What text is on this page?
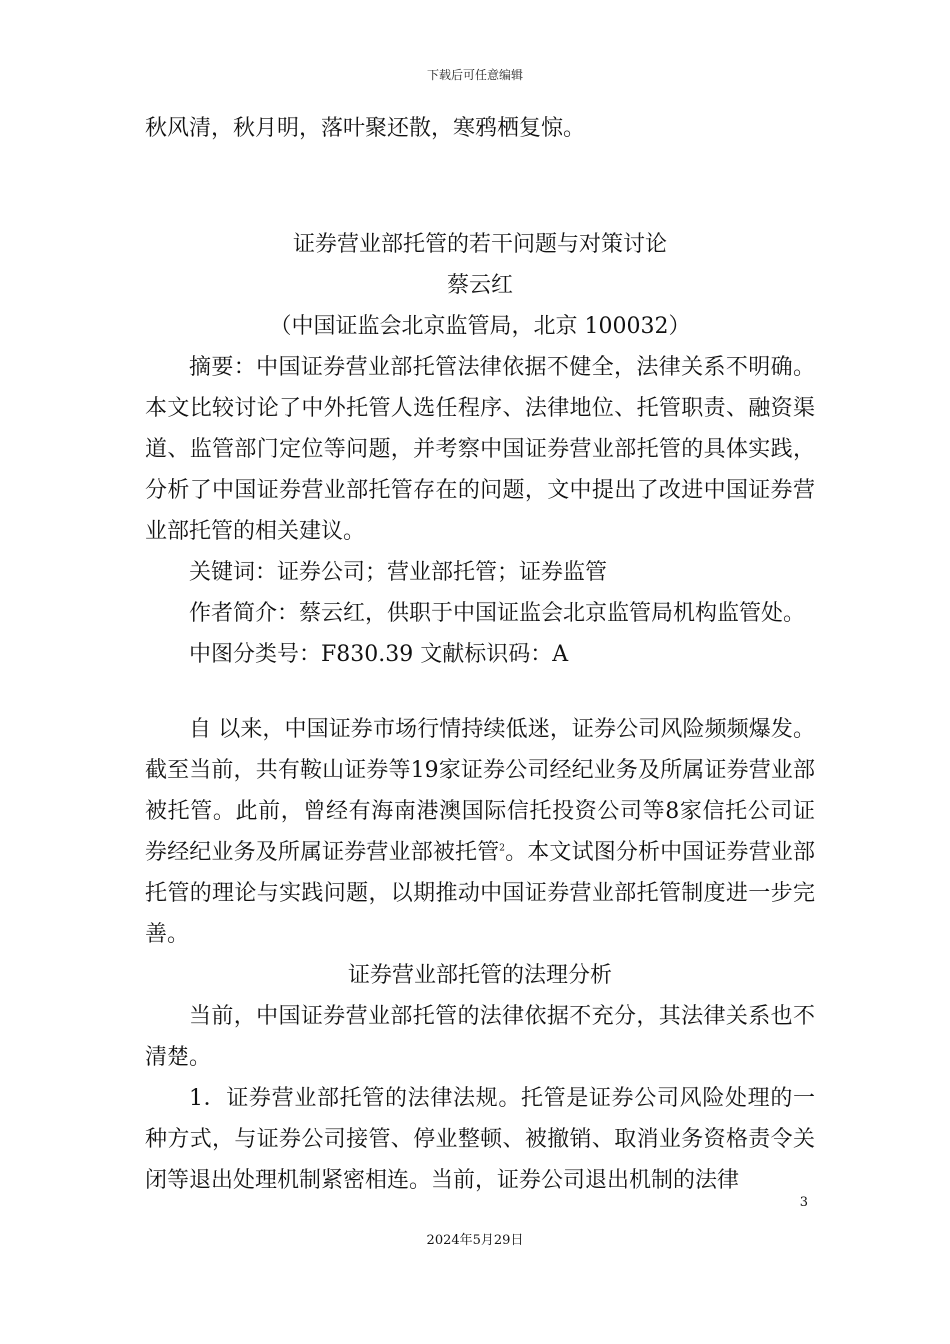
下载后可任意编辑

秋风清，秋月明，落叶聚还散，寒鸦栖复惊。

证券营业部托管的若干问题与对策讨论

蔡云红

（中国证监会北京监管局，北京 100032）

摘要：中国证券营业部托管法律依据不健全，法律关系不明确。本文比较讨论了中外托管人选任程序、法律地位、托管职责、融资渠道、监管部门定位等问题，并考察中国证券营业部托管的具体实践，分析了中国证券营业部托管存在的问题，文中提出了改进中国证券营业部托管的相关建议。

关键词：证券公司；营业部托管；证券监管

作者简介：蔡云红，供职于中国证监会北京监管局机构监管处。

中图分类号：F830.39 文献标识码：A

自 以来，中国证券市场行情持续低迷，证券公司风险频频爆发。截至当前，共有鞍山证券等19家证券公司经纪业务及所属证券营业部被托管。此前，曾经有海南港澳国际信托投资公司等8家信托公司证券经纪业务及所属证券营业部被托管$^2$。本文试图分析中国证券营业部托管的理论与实践问题，以期推动中国证券营业部托管制度进一步完善。

证券营业部托管的法理分析

当前，中国证券营业部托管的法律依据不充分，其法律关系也不清楚。

1．证券营业部托管的法律法规。托管是证券公司风险处理的一种方式，与证券公司接管、停业整顿、被撤销、取消业务资格责令关闭等退出处理机制紧密相连。当前，证券公司退出机制的法律

3
2024年5月29日
